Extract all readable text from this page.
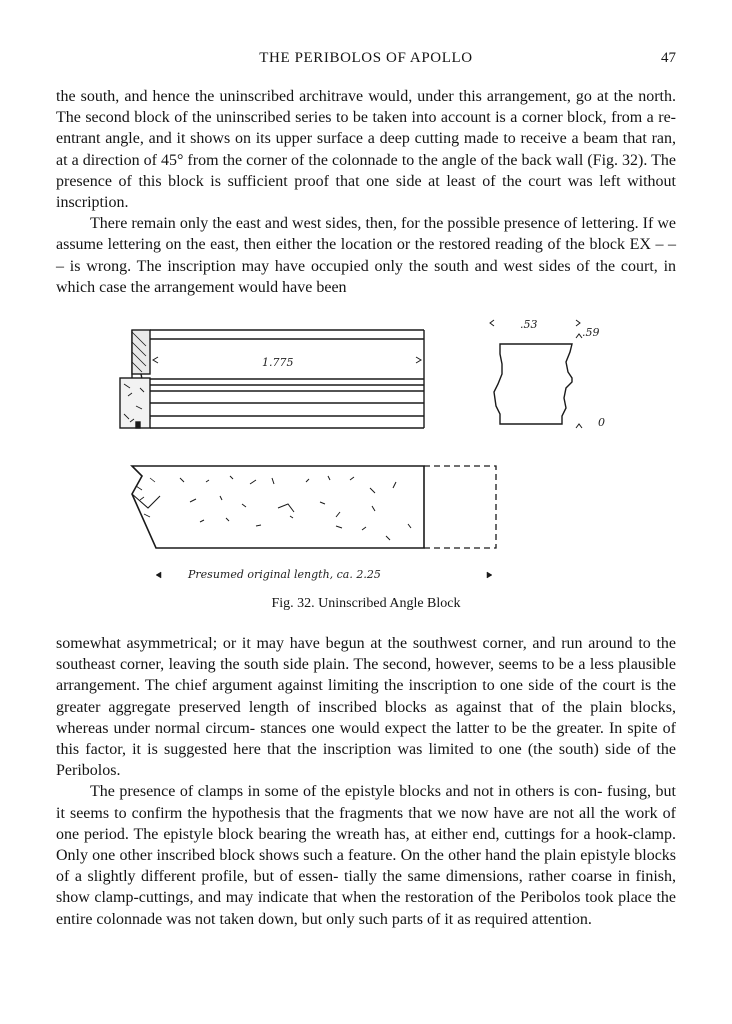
THE PERIBOLOS OF APOLLO	47

the south, and hence the uninscribed architrave would, under this arrangement, go at the north. The second block of the uninscribed series to be taken into account is a corner block, from a re-entrant angle, and it shows on its upper surface a deep cutting made to receive a beam that ran, at a direction of 45° from the corner of the colonnade to the angle of the back wall (Fig. 32). The presence of this block is sufficient proof that one side at least of the court was left without inscription.

There remain only the east and west sides, then, for the possible presence of lettering. If we assume lettering on the east, then either the location or the restored reading of the block EX – – – is wrong. The inscription may have occupied only the south and west sides of the court, in which case the arrangement would have been

1.775
.53
.59
0
Presumed original length, ca. 2.25
Fig. 32. Uninscribed Angle Block

somewhat asymmetrical; or it may have begun at the southwest corner, and run around to the southeast corner, leaving the south side plain. The second, however, seems to be a less plausible arrangement. The chief argument against limiting the inscription to one side of the court is the greater aggregate preserved length of inscribed blocks as against that of the plain blocks, whereas under normal circum- stances one would expect the latter to be the greater. In spite of this factor, it is suggested here that the inscription was limited to one (the south) side of the Peribolos.

The presence of clamps in some of the epistyle blocks and not in others is con- fusing, but it seems to confirm the hypothesis that the fragments that we now have are not all the work of one period. The epistyle block bearing the wreath has, at either end, cuttings for a hook-clamp. Only one other inscribed block shows such a feature. On the other hand the plain epistyle blocks of a slightly different profile, but of essen- tially the same dimensions, rather coarse in finish, show clamp-cuttings, and may indicate that when the restoration of the Peribolos took place the entire colonnade was not taken down, but only such parts of it as required attention.
